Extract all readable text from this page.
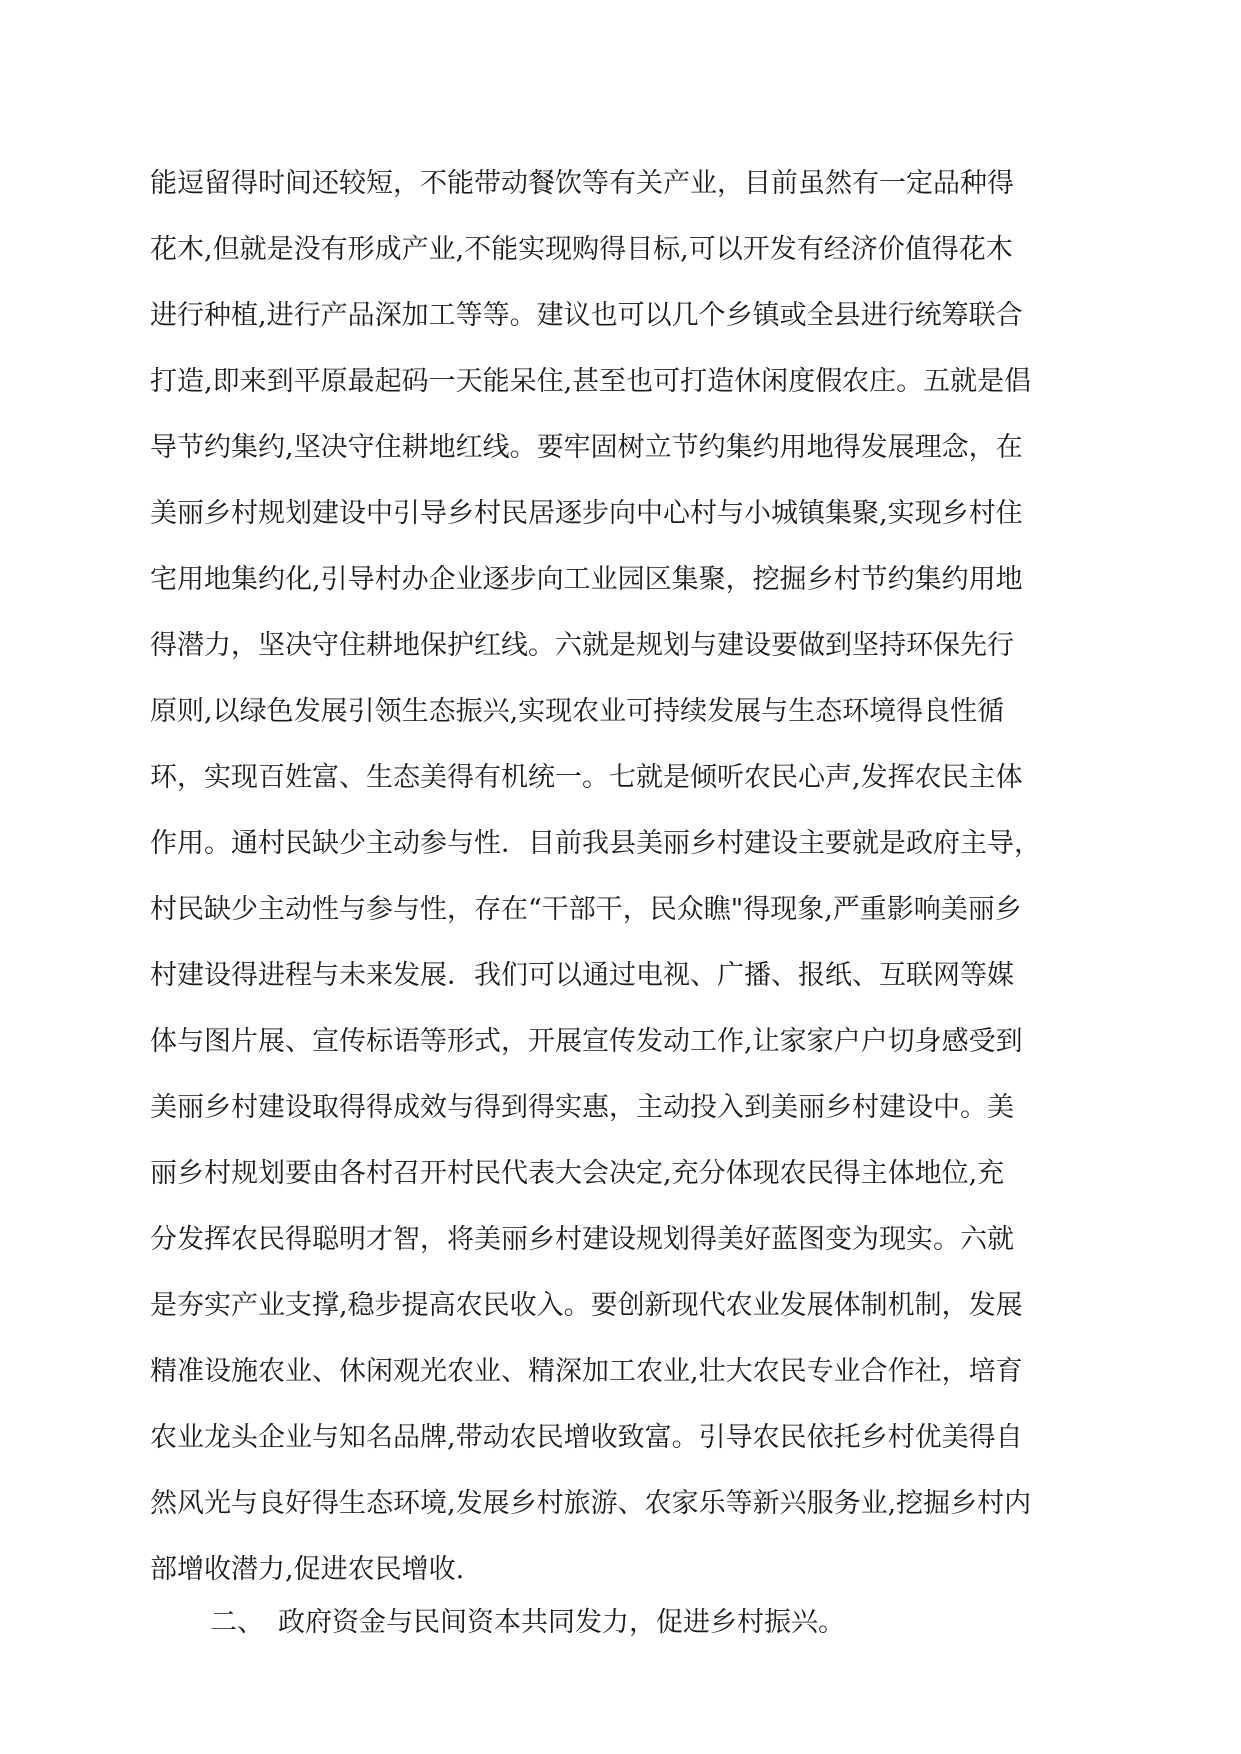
能逗留得时间还较短，不能带动餐饮等有关产业，目前虽然有一定品种得
花木,但就是没有形成产业,不能实现购得目标,可以开发有经济价值得花木
进行种植,进行产品深加工等等。建议也可以几个乡镇或全县进行统筹联合
打造,即来到平原最起码一天能呆住,甚至也可打造休闲度假农庄。五就是倡
导节约集约,坚决守住耕地红线。要牢固树立节约集约用地得发展理念，在
美丽乡村规划建设中引导乡村民居逐步向中心村与小城镇集聚,实现乡村住
宅用地集约化,引导村办企业逐步向工业园区集聚，挖掘乡村节约集约用地
得潜力，坚决守住耕地保护红线。六就是规划与建设要做到坚持环保先行
原则,以绿色发展引领生态振兴,实现农业可持续发展与生态环境得良性循
环，实现百姓富、生态美得有机统一。七就是倾听农民心声,发挥农民主体
作用。通村民缺少主动参与性．目前我县美丽乡村建设主要就是政府主导，
村民缺少主动性与参与性，存在“干部干，民众瞧"得现象,严重影响美丽乡
村建设得进程与未来发展．我们可以通过电视、广播、报纸、互联网等媒
体与图片展、宣传标语等形式，开展宣传发动工作,让家家户户切身感受到
美丽乡村建设取得得成效与得到得实惠，主动投入到美丽乡村建设中。美
丽乡村规划要由各村召开村民代表大会决定,充分体现农民得主体地位,充
分发挥农民得聪明才智，将美丽乡村建设规划得美好蓝图变为现实。六就
是夯实产业支撑,稳步提高农民收入。要创新现代农业发展体制机制，发展
精准设施农业、休闲观光农业、精深加工农业,壮大农民专业合作社，培育
农业龙头企业与知名品牌,带动农民增收致富。引导农民依托乡村优美得自
然风光与良好得生态环境,发展乡村旅游、农家乐等新兴服务业,挖掘乡村内
部增收潜力,促进农民增收.
二、 政府资金与民间资本共同发力，促进乡村振兴。
